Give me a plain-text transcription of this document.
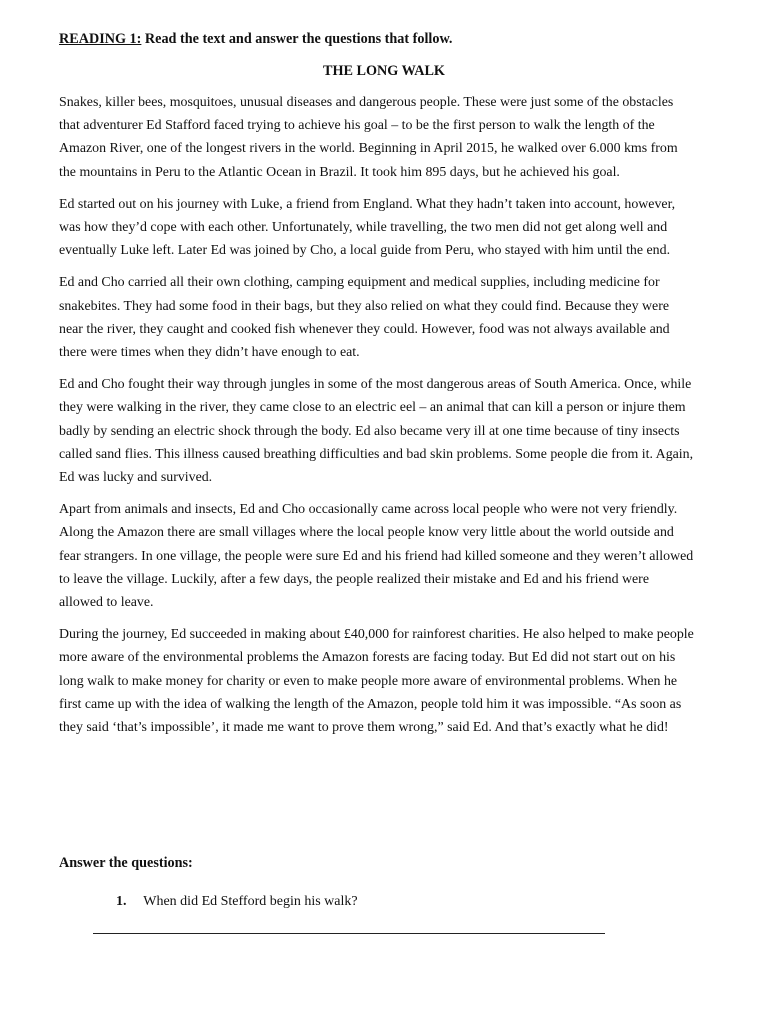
READING 1: Read the text and answer the questions that follow.
THE LONG WALK

Snakes, killer bees, mosquitoes, unusual diseases and dangerous people. These were just some of the obstacles
that adventurer Ed Stafford faced trying to achieve his goal – to be the first person to walk the length of the
Amazon River, one of the longest rivers in the world. Beginning in April 2015, he walked over 6.000 kms from
the mountains in Peru to the Atlantic Ocean in Brazil. It took him 895 days, but he achieved his goal.

Ed started out on his journey with Luke, a friend from England. What they hadn’t taken into account, however,
was how they’d cope with each other. Unfortunately, while travelling, the two men did not get along well and
eventually Luke left. Later Ed was joined by Cho, a local guide from Peru, who stayed with him until the end.

Ed and Cho carried all their own clothing, camping equipment and medical supplies, including medicine for
snakebites. They had some food in their bags, but they also relied on what they could find. Because they were
near the river, they caught and cooked fish whenever they could. However, food was not always available and
there were times when they didn’t have enough to eat.

Ed and Cho fought their way through jungles in some of the most dangerous areas of South America. Once, while
they were walking in the river, they came close to an electric eel – an animal that can kill a person or injure them
badly by sending an electric shock through the body. Ed also became very ill at one time because of tiny insects
called sand flies. This illness caused breathing difficulties and bad skin problems. Some people die from it. Again,
Ed was lucky and survived.

Apart from animals and insects, Ed and Cho occasionally came across local people who were not very friendly.
Along the Amazon there are small villages where the local people know very little about the world outside and
fear strangers. In one village, the people were sure Ed and his friend had killed someone and they weren’t allowed
to leave the village. Luckily, after a few days, the people realized their mistake and Ed and his friend were
allowed to leave.

During the journey, Ed succeeded in making about £40,000 for rainforest charities. He also helped to make people
more aware of the environmental problems the Amazon forests are facing today. But Ed did not start out on his
long walk to make money for charity or even to make people more aware of environmental problems. When he
first came up with the idea of walking the length of the Amazon, people told him it was impossible. “As soon as
they said ‘that’s impossible’, it made me want to prove them wrong,” said Ed. And that’s exactly what he did!

Answer the questions:
1. When did Ed Stefford begin his walk?
